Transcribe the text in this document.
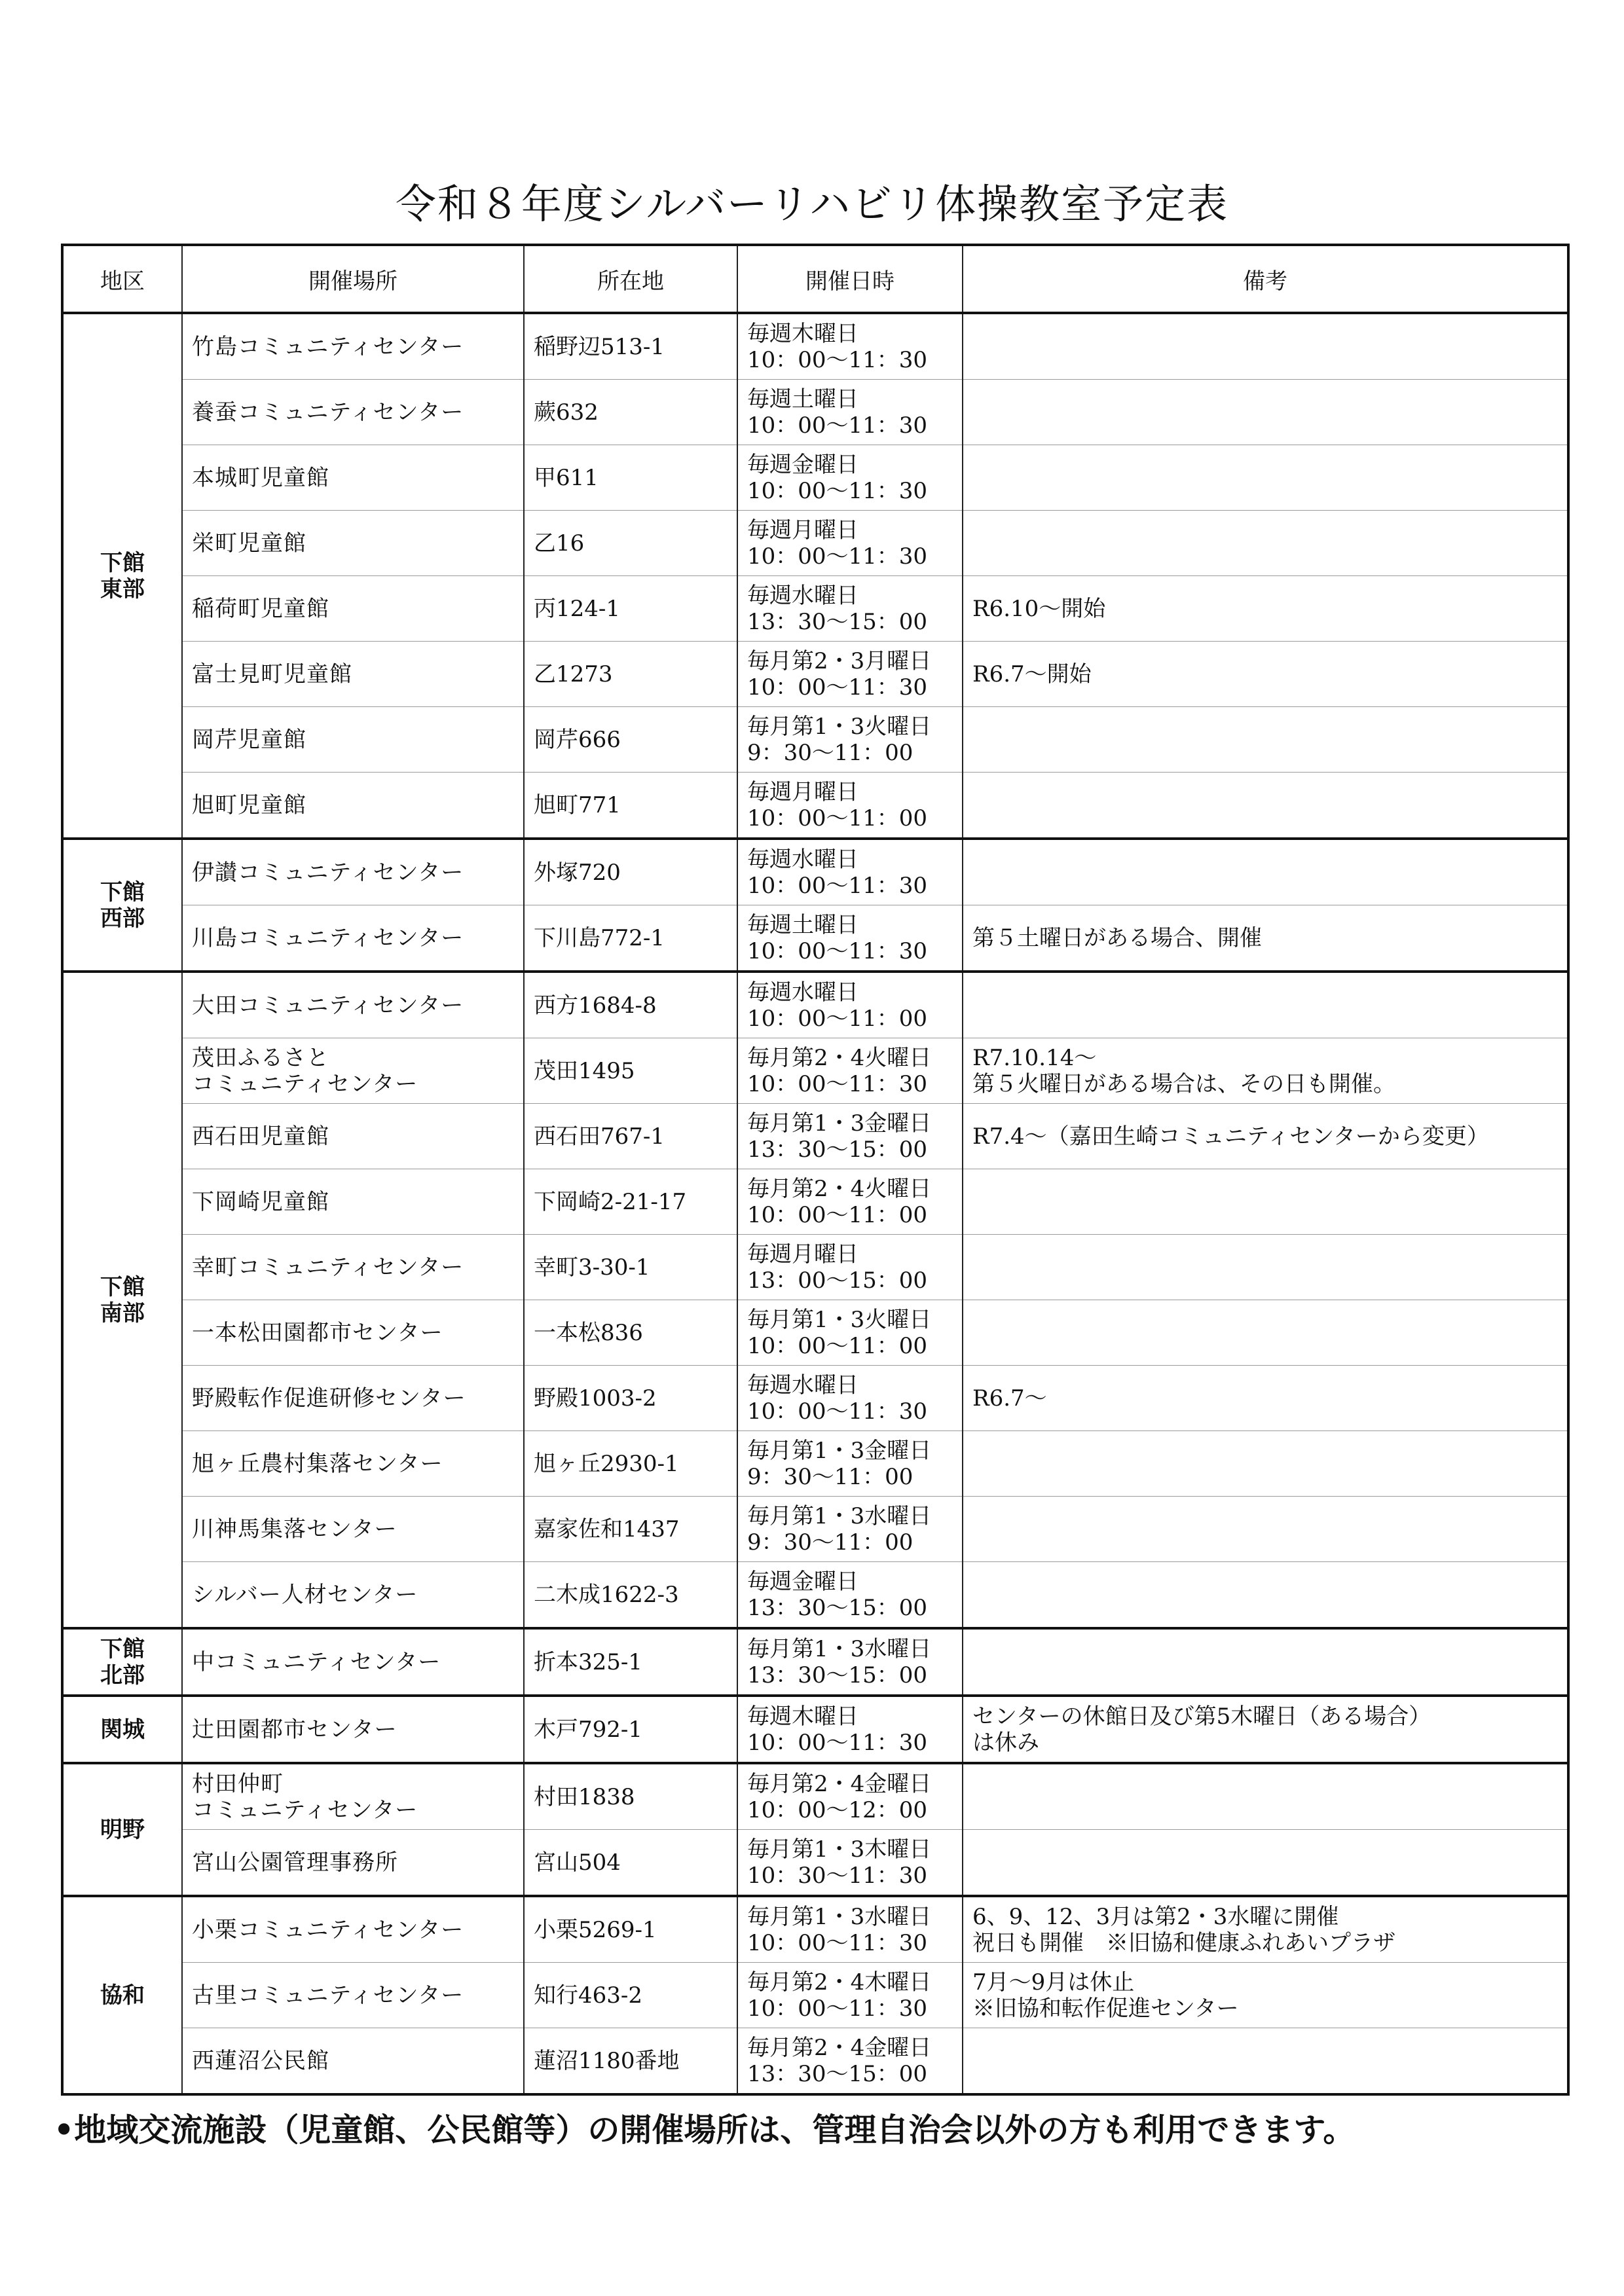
令和８年度シルバーリハビリ体操教室予定表
地区	開催場所	所在地	開催日時	備考

下館
東部	竹島コミュニティセンター	稲野辺513-1	毎週木曜日
10：00〜11：30	

	養蚕コミュニティセンター	蕨632	毎週土曜日
10：00〜11：30	

	本城町児童館	甲611	毎週金曜日
10：00〜11：30	

	栄町児童館	乙16	毎週月曜日
10：00〜11：30	

	稲荷町児童館	丙124-1	毎週水曜日
13：30〜15：00	R6.10〜開始

	富士見町児童館	乙1273	毎月第2・3月曜日
10：00〜11：30	R6.7〜開始

	岡芹児童館	岡芹666	毎月第1・3火曜日
9：30〜11：00	

	旭町児童館	旭町771	毎週月曜日
10：00〜11：00	

下館
西部	伊讃コミュニティセンター	外塚720	毎週水曜日
10：00〜11：30	

	川島コミュニティセンター	下川島772-1	毎週土曜日
10：00〜11：30	第５土曜日がある場合、開催

下館
南部	大田コミュニティセンター	西方1684-8	毎週水曜日
10：00〜11：00	

	茂田ふるさと
コミュニティセンター	茂田1495	毎月第2・4火曜日
10：00〜11：30	R7.10.14〜
第５火曜日がある場合は、その日も開催。

	西石田児童館	西石田767-1	毎月第1・3金曜日
13：30〜15：00	R7.4〜（嘉田生崎コミュニティセンターから変更）

	下岡崎児童館	下岡崎2-21-17	毎月第2・4火曜日
10：00〜11：00	

	幸町コミュニティセンター	幸町3-30-1	毎週月曜日
13：00〜15：00	

	一本松田園都市センター	一本松836	毎月第1・3火曜日
10：00〜11：00	

	野殿転作促進研修センター	野殿1003-2	毎週水曜日
10：00〜11：30	R6.7〜

	旭ヶ丘農村集落センター	旭ヶ丘2930-1	毎月第1・3金曜日
9：30〜11：00	

	川神馬集落センター	嘉家佐和1437	毎月第1・3水曜日
9：30〜11：00	

	シルバー人材センター	二木成1622-3	毎週金曜日
13：30〜15：00	

下館
北部	中コミュニティセンター	折本325-1	毎月第1・3水曜日
13：30〜15：00	

関城	辻田園都市センター	木戸792-1	毎週木曜日
10：00〜11：30	センターの休館日及び第5木曜日（ある場合）
は休み

明野	村田仲町
コミュニティセンター	村田1838	毎月第2・4金曜日
10：00〜12：00	

	宮山公園管理事務所	宮山504	毎月第1・3木曜日
10：30〜11：30	

協和	小栗コミュニティセンター	小栗5269-1	毎月第1・3水曜日
10：00〜11：30	6、9、12、3月は第2・3水曜に開催
祝日も開催　※旧協和健康ふれあいプラザ

	古里コミュニティセンター	知行463-2	毎月第2・4木曜日
10：00〜11：30	7月〜9月は休止
※旧協和転作促進センター

	西蓮沼公民館	蓮沼1180番地	毎月第2・4金曜日
13：30〜15：00	

•地域交流施設（児童館、公民館等）の開催場所は、管理自治会以外の方も利用できます。
